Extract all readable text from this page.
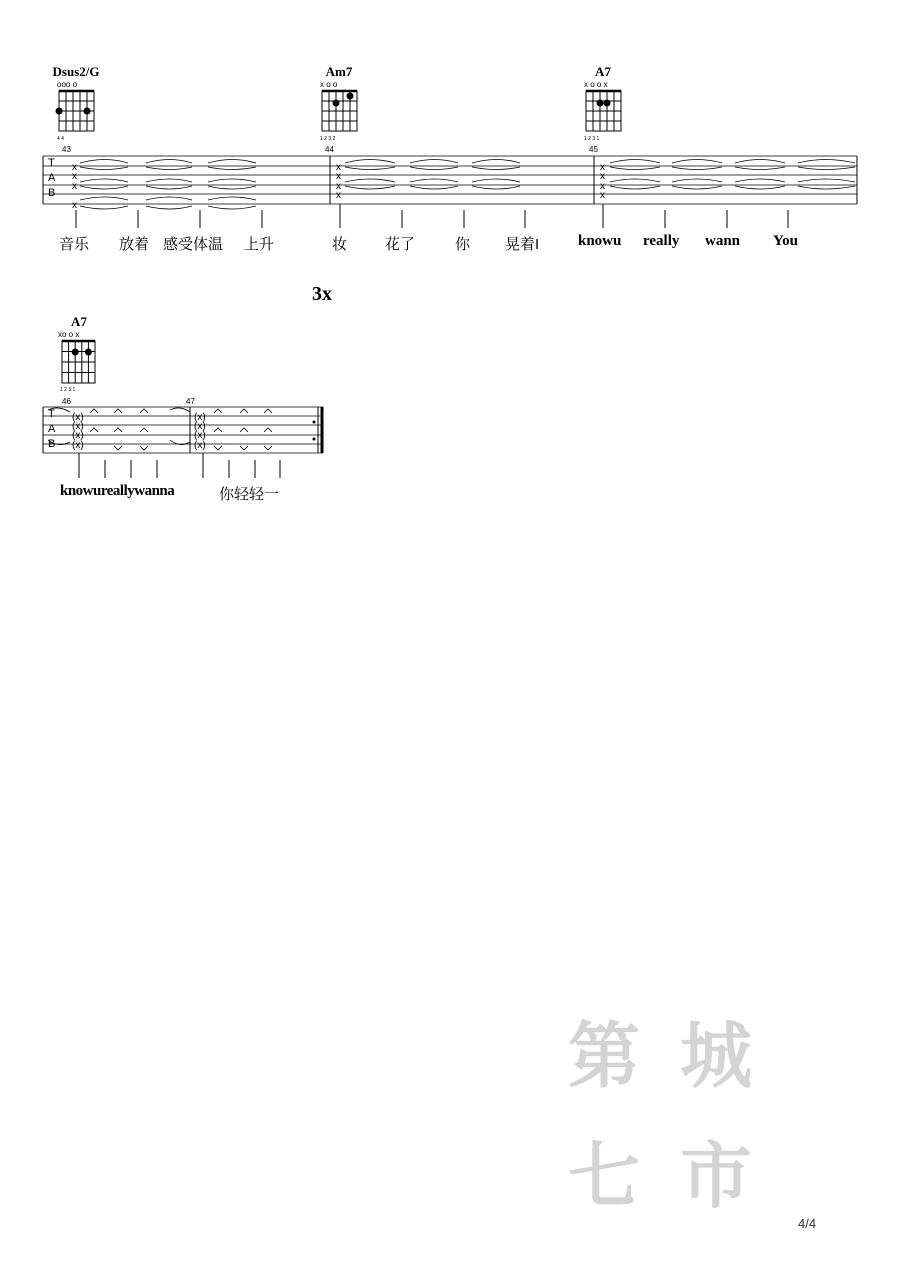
Dsus2/G	Am7	A7
ooo o
4 4
x o o
1 2 3 2
x o o x
1 2 3 1
43	44	45
T
A
B
x
x
x
x
x
x
x
x
x
x
x
x
xo o x
1 2 3 1
46	47
T
A
B
(x)
(x)
(x)
(x)
(x)
(x)
(x)
(x)
音乐 放着 感受体温 上升	妆	花了	你 晃着I	knowu really wann You
3x
A7
knowureallywanna	你轻轻一
第 城
七 市
4/4
